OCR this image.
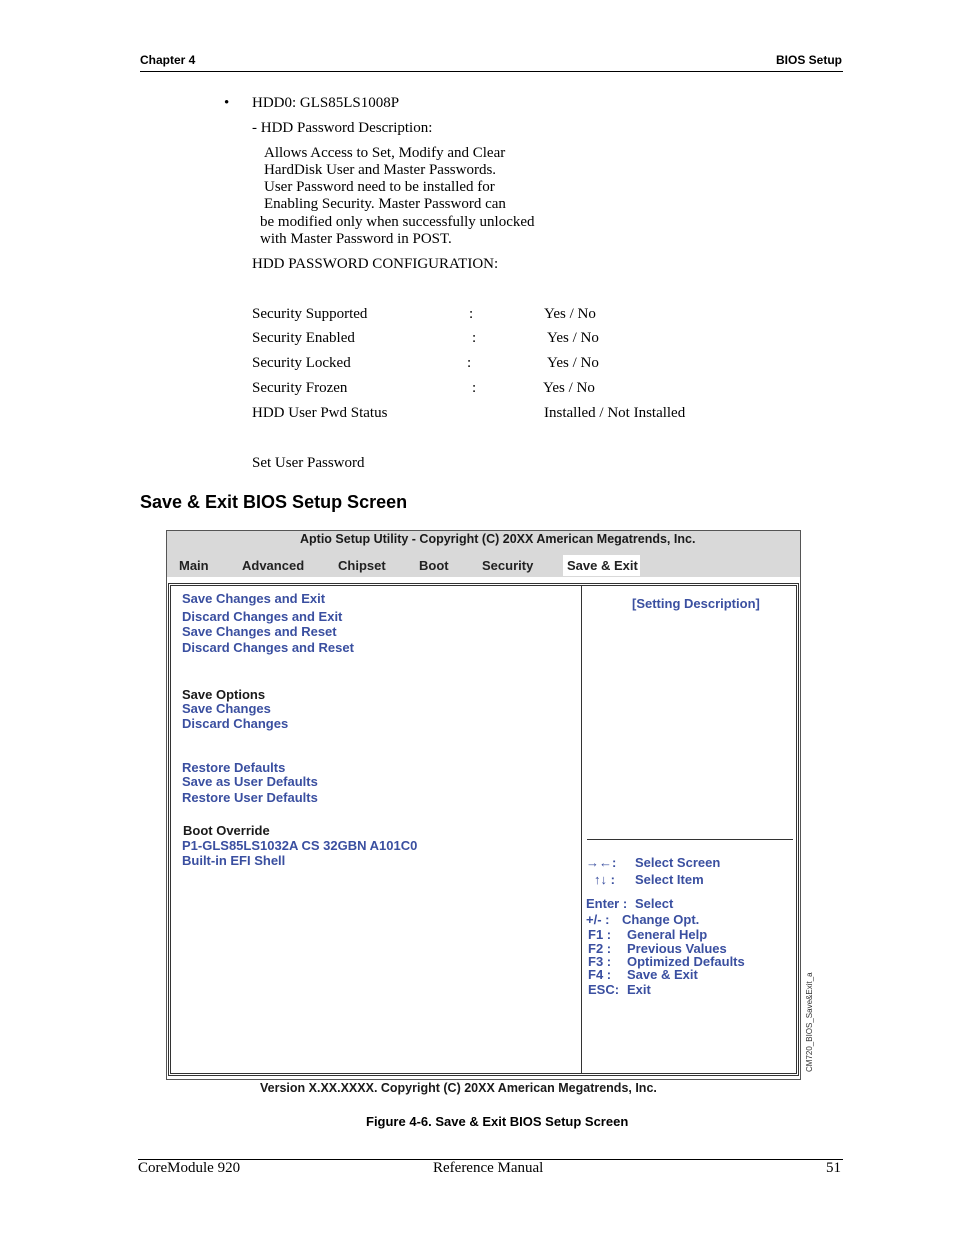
Chapter 4	BIOS Setup
• HDD0: GLS85LS1008P
- HDD Password Description:
Allows Access to Set, Modify and Clear
HardDisk User and Master Passwords.
User Password need to be installed for
Enabling Security. Master Password can
be modified only when successfully unlocked
with Master Password in POST.
HDD PASSWORD CONFIGURATION:
Security Supported	:	Yes / No
Security Enabled	:	Yes / No
Security Locked	:	Yes / No
Security Frozen	:	Yes / No
HDD User Pwd Status	Installed / Not Installed
Set User Password
Save & Exit BIOS Setup Screen
Aptio Setup Utility - Copyright (C) 20XX American Megatrends, Inc.
Main	Advanced	Chipset	Boot	Security	Save & Exit
Save Changes and Exit
Discard Changes and Exit
Save Changes and Reset
Discard Changes and Reset
Save Options
Save Changes
Discard Changes
Restore Defaults
Save as User Defaults
Restore User Defaults
Boot Override
P1-GLS85LS1032A CS 32GBN A101C0
Built-in EFI Shell
[Setting Description]
→←: Select Screen
↑↓ : Select Item
Enter : Select
+/- : Change Opt.
F1 : General Help
F2 : Previous Values
F3 : Optimized Defaults
F4 : Save & Exit
ESC: Exit	CM720_BIOS_Save&Exit_a
Version X.XX.XXXX. Copyright (C) 20XX American Megatrends, Inc.
Figure 4-6. Save & Exit BIOS Setup Screen
CoreModule 920	Reference Manual	51
